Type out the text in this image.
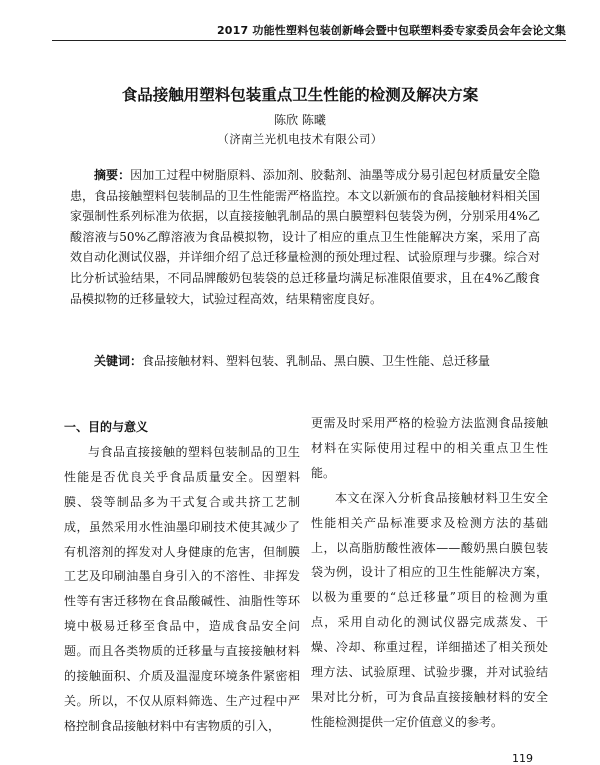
2017 功能性塑料包装创新峰会暨中包联塑料委专家委员会年会论文集
食品接触用塑料包装重点卫生性能的检测及解决方案
陈欣 陈曦
（济南兰光机电技术有限公司）
摘要：因加工过程中树脂原料、添加剂、胶黏剂、油墨等成分易引起包材质量安全隐患，食品接触塑料包装制品的卫生性能需严格监控。本文以新颁布的食品接触材料相关国家强制性系列标准为依据，以直接接触乳制品的黑白膜塑料包装袋为例，分别采用4%乙酸溶液与50%乙醇溶液为食品模拟物，设计了相应的重点卫生性能解决方案，采用了高效自动化测试仪器，并详细介绍了总迁移量检测的预处理过程、试验原理与步骤。综合对比分析试验结果，不同品牌酸奶包装袋的总迁移量均满足标准限值要求，且在4%乙酸食品模拟物的迁移量较大，试验过程高效，结果精密度良好。
关键词：食品接触材料、塑料包装、乳制品、黑白膜、卫生性能、总迁移量

一、目的与意义

与食品直接接触的塑料包装制品的卫生性能是否优良关乎食品质量安全。因塑料膜、袋等制品多为干式复合或共挤工艺制成，虽然采用水性油墨印刷技术使其减少了有机溶剂的挥发对人身健康的危害，但制膜工艺及印刷油墨自身引入的不溶性、非挥发性等有害迁移物在食品酸碱性、油脂性等环境中极易迁移至食品中，造成食品安全问题。而且各类物质的迁移量与直接接触材料的接触面积、介质及温湿度环境条件紧密相关。所以，不仅从原料筛选、生产过程中严格控制食品接触材料中有害物质的引入，

更需及时采用严格的检验方法监测食品接触材料在实际使用过程中的相关重点卫生性能。

本文在深入分析食品接触材料卫生安全性能相关产品标准要求及检测方法的基础上，以高脂肪酸性液体——酸奶黑白膜包装袋为例，设计了相应的卫生性能解决方案，以极为重要的“总迁移量”项目的检测为重点，采用自动化的测试仪器完成蒸发、干燥、冷却、称重过程，详细描述了相关预处理方法、试验原理、试验步骤，并对试验结果对比分析，可为食品直接接触材料的安全性能检测提供一定价值意义的参考。

119
